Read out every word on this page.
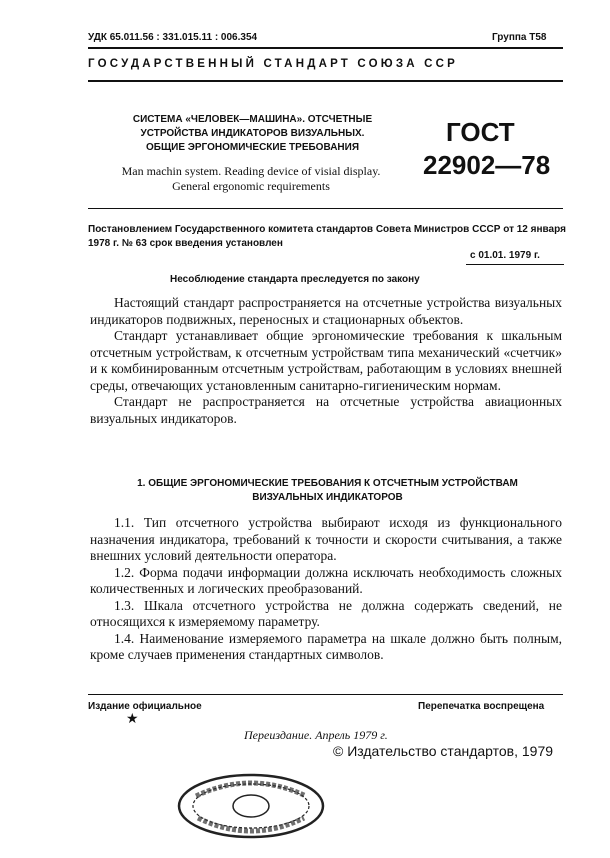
УДК 65.011.56 : 331.015.11 : 006.354	Группа Т58
ГОСУДАРСТВЕННЫЙ СТАНДАРТ СОЮЗА ССР
СИСТЕМА «ЧЕЛОВЕК—МАШИНА». ОТСЧЕТНЫЕ
УСТРОЙСТВА ИНДИКАТОРОВ ВИЗУАЛЬНЫХ.
ОБЩИЕ ЭРГОНОМИЧЕСКИЕ ТРЕБОВАНИЯ
Man machin system. Reading device of visial display.
General ergonomic requirements
ГОСТ
22902—78
Постановлением Государственного комитета стандартов Совета Министров СССР от 12 января 1978 г. № 63 срок введения установлен
с 01.01. 1979 г.
Несоблюдение стандарта преследуется по закону

Настоящий стандарт распространяется на отсчетные устройства визуальных индикаторов подвижных, переносных и стационарных объектов.

Стандарт устанавливает общие эргономические требования к шкальным отсчетным устройствам, к отсчетным устройствам типа механический «счетчик» и к комбинированным отсчетным устройствам, работающим в условиях внешней среды, отвечающих установленным санитарно-гигиеническим нормам.

Стандарт не распространяется на отсчетные устройства авиационных визуальных индикаторов.

1. ОБЩИЕ ЭРГОНОМИЧЕСКИЕ ТРЕБОВАНИЯ К ОТСЧЕТНЫМ УСТРОЙСТВАМ
ВИЗУАЛЬНЫХ ИНДИКАТОРОВ

1.1. Тип отсчетного устройства выбирают исходя из функционального назначения индикатора, требований к точности и скорости считывания, а также внешних условий деятельности оператора.

1.2. Форма подачи информации должна исключать необходимость сложных количественных и логических преобразований.

1.3. Шкала отсчетного устройства не должна содержать сведений, не относящихся к измеряемому параметру.

1.4. Наименование измеряемого параметра на шкале должно быть полным, кроме случаев применения стандартных символов.

Издание официальное
★
Перепечатка воспрещена
Переиздание. Апрель 1979 г.
© Издательство стандартов, 1979
